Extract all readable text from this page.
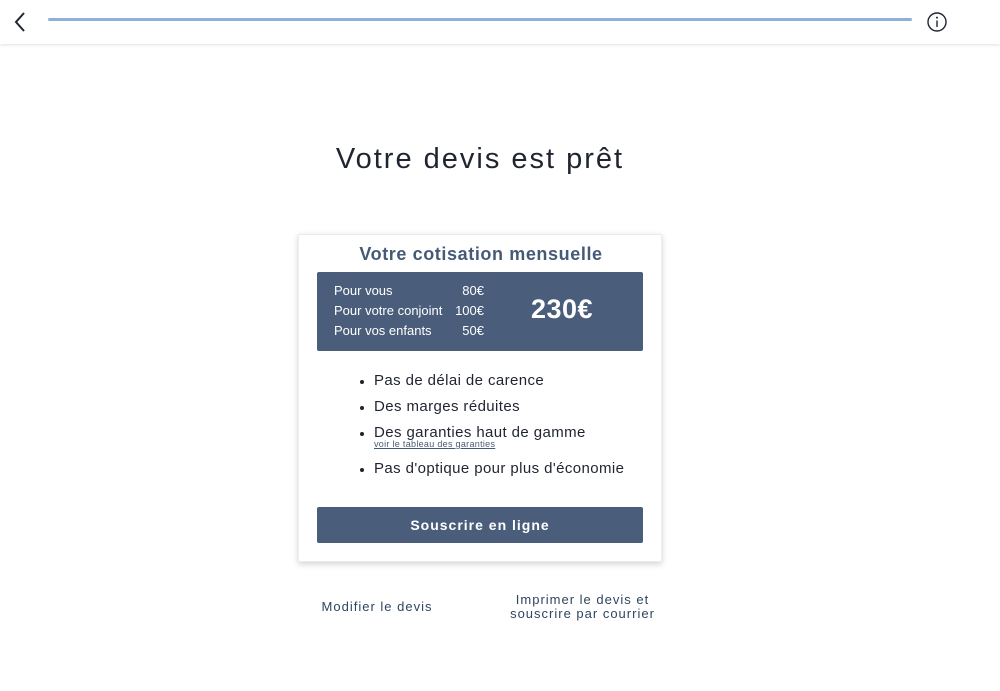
Votre devis est prêt
Votre cotisation mensuelle
Pour vous	80€
Pour votre conjoint 100€
Pour vos enfants 50€
230€
Pas de délai de carence
Des marges réduites
Des garanties haut de gamme
voir le tableau des garanties
Pas d'optique pour plus d'économie
Souscrire en ligne
Modifier le devis	Imprimer le devis et
souscrire par courrier
